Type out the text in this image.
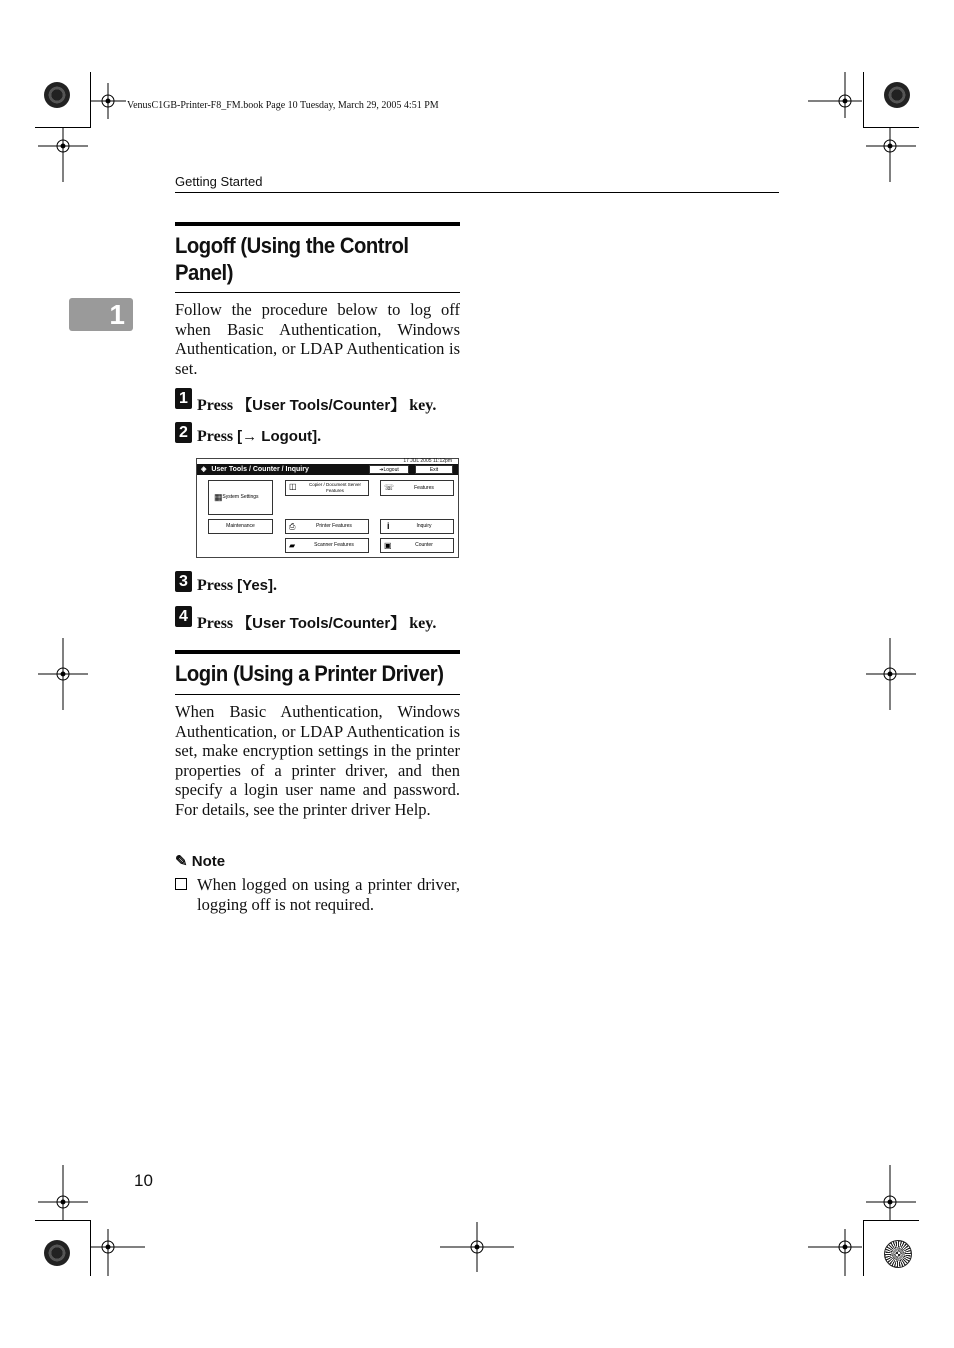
VenusC1GB-Printer-F8_FM.book Page 10 Tuesday, March 29, 2005 4:51 PM
Getting Started
1
Logoff (Using the Control Panel)
Follow the procedure below to log off when Basic Authentication, Windows Authentication, or LDAP Authentication is set.
1 Press 【User Tools/Counter】 key.
2 Press [→ Logout].
17 JUL 2005 11:12pm
◈ User Tools / Counter / Inquiry	➜Logout	Exit
▦ System Settings
◫	Copier / Document Server Features	☏	Features
Maintenance	⎙	Printer Features	i	Inquiry
▰	Scanner Features	▣	Counter
3 Press [Yes].
4 Press 【User Tools/Counter】 key.
Login (Using a Printer Driver)
When Basic Authentication, Windows Authentication, or LDAP Authentication is set, make encryption settings in the printer properties of a printer driver, and then specify a login user name and password. For details, see the printer driver Help.
✎ Note
When logged on using a printer driver, logging off is not required.
10
